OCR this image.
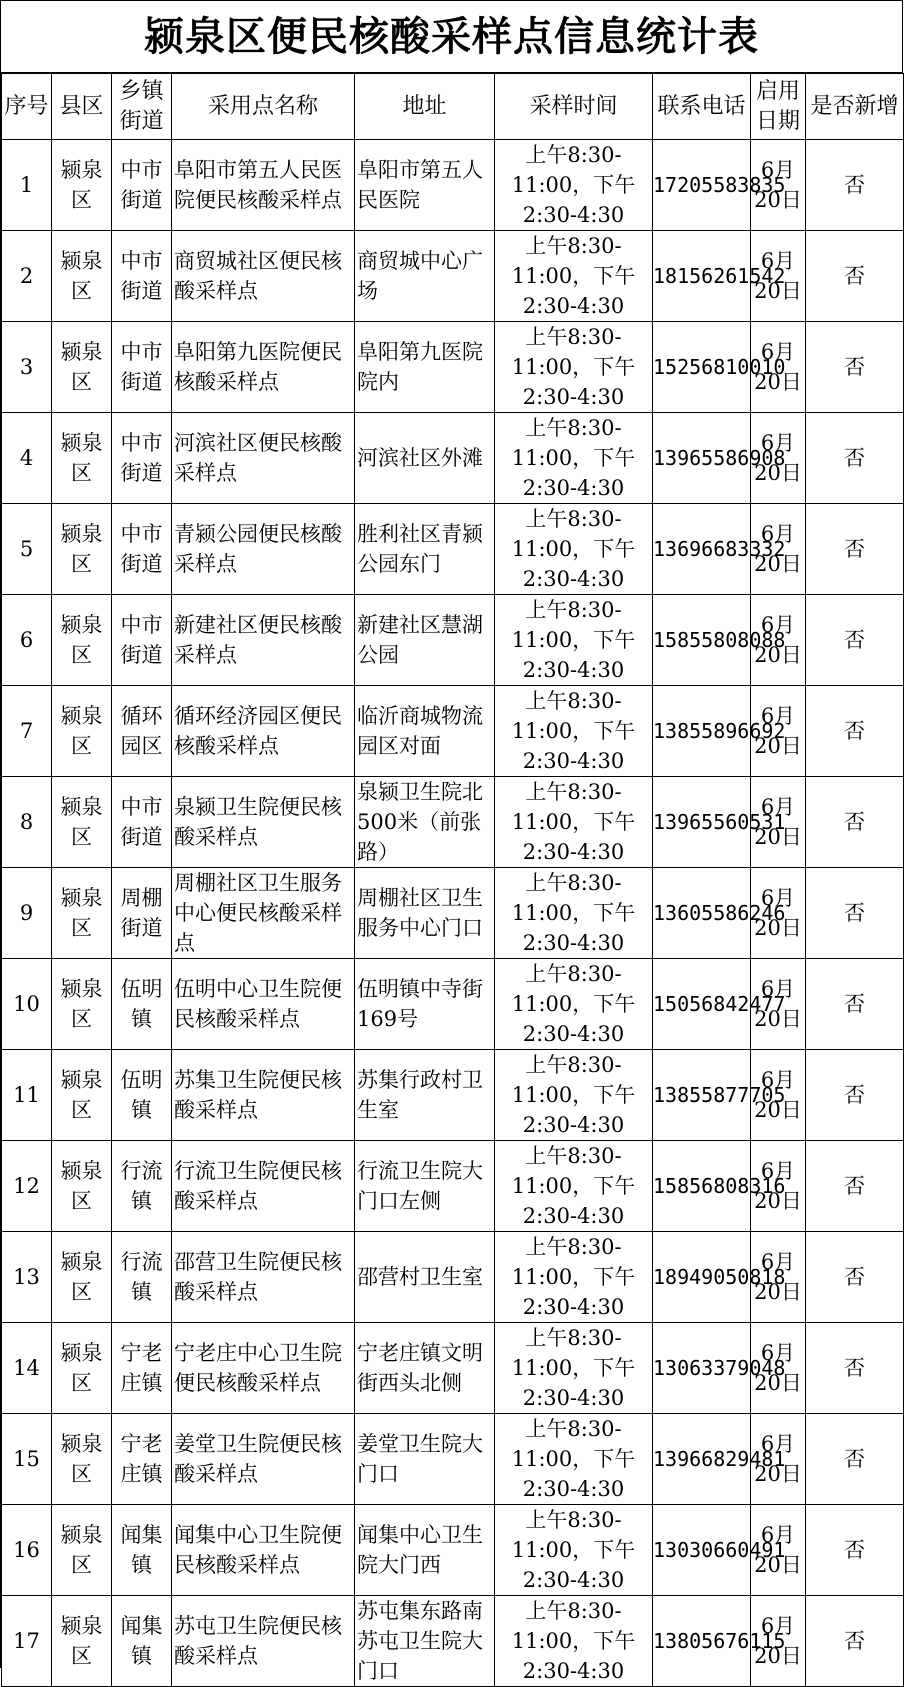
颍泉区便民核酸采样点信息统计表
序号	县区	乡镇街道	采用点名称	地址	采样时间	联系电话	启用日期	是否新增
1	颍泉区	中市街道	阜阳市第五人民医院便民核酸采样点	阜阳市第五人民医院	上午8:30-11:00，下午2:30-4:30	17205583835	6月20日	否
2	颍泉区	中市街道	商贸城社区便民核酸采样点	商贸城中心广场	上午8:30-11:00，下午2:30-4:30	18156261542	6月20日	否
3	颍泉区	中市街道	阜阳第九医院便民核酸采样点	阜阳第九医院院内	上午8:30-11:00，下午2:30-4:30	15256810010	6月20日	否
4	颍泉区	中市街道	河滨社区便民核酸采样点	河滨社区外滩	上午8:30-11:00，下午2:30-4:30	13965586908	6月20日	否
5	颍泉区	中市街道	青颍公园便民核酸采样点	胜利社区青颍公园东门	上午8:30-11:00，下午2:30-4:30	13696683332	6月20日	否
6	颍泉区	中市街道	新建社区便民核酸采样点	新建社区慧湖公园	上午8:30-11:00，下午2:30-4:30	15855808088	6月20日	否
7	颍泉区	循环园区	循环经济园区便民核酸采样点	临沂商城物流园区对面	上午8:30-11:00，下午2:30-4:30	13855896692	6月20日	否
8	颍泉区	中市街道	泉颍卫生院便民核酸采样点	泉颍卫生院北500米（前张路）	上午8:30-11:00，下午2:30-4:30	13965560531	6月20日	否
9	颍泉区	周棚街道	周棚社区卫生服务中心便民核酸采样点	周棚社区卫生服务中心门口	上午8:30-11:00，下午2:30-4:30	13605586246	6月20日	否
10	颍泉区	伍明镇	伍明中心卫生院便民核酸采样点	伍明镇中寺街169号	上午8:30-11:00，下午2:30-4:30	15056842477	6月20日	否
11	颍泉区	伍明镇	苏集卫生院便民核酸采样点	苏集行政村卫生室	上午8:30-11:00，下午2:30-4:30	13855877705	6月20日	否
12	颍泉区	行流镇	行流卫生院便民核酸采样点	行流卫生院大门口左侧	上午8:30-11:00，下午2:30-4:30	15856808316	6月20日	否
13	颍泉区	行流镇	邵营卫生院便民核酸采样点	邵营村卫生室	上午8:30-11:00，下午2:30-4:30	18949050818	6月20日	否
14	颍泉区	宁老庄镇	宁老庄中心卫生院便民核酸采样点	宁老庄镇文明街西头北侧	上午8:30-11:00，下午2:30-4:30	13063379048	6月20日	否
15	颍泉区	宁老庄镇	姜堂卫生院便民核酸采样点	姜堂卫生院大门口	上午8:30-11:00，下午2:30-4:30	13966829481	6月20日	否
16	颍泉区	闻集镇	闻集中心卫生院便民核酸采样点	闻集中心卫生院大门西	上午8:30-11:00，下午2:30-4:30	13030660491	6月20日	否
17	颍泉区	闻集镇	苏屯卫生院便民核酸采样点	苏屯集东路南苏屯卫生院大门口	上午8:30-11:00，下午2:30-4:30	13805676115	6月20日	否
